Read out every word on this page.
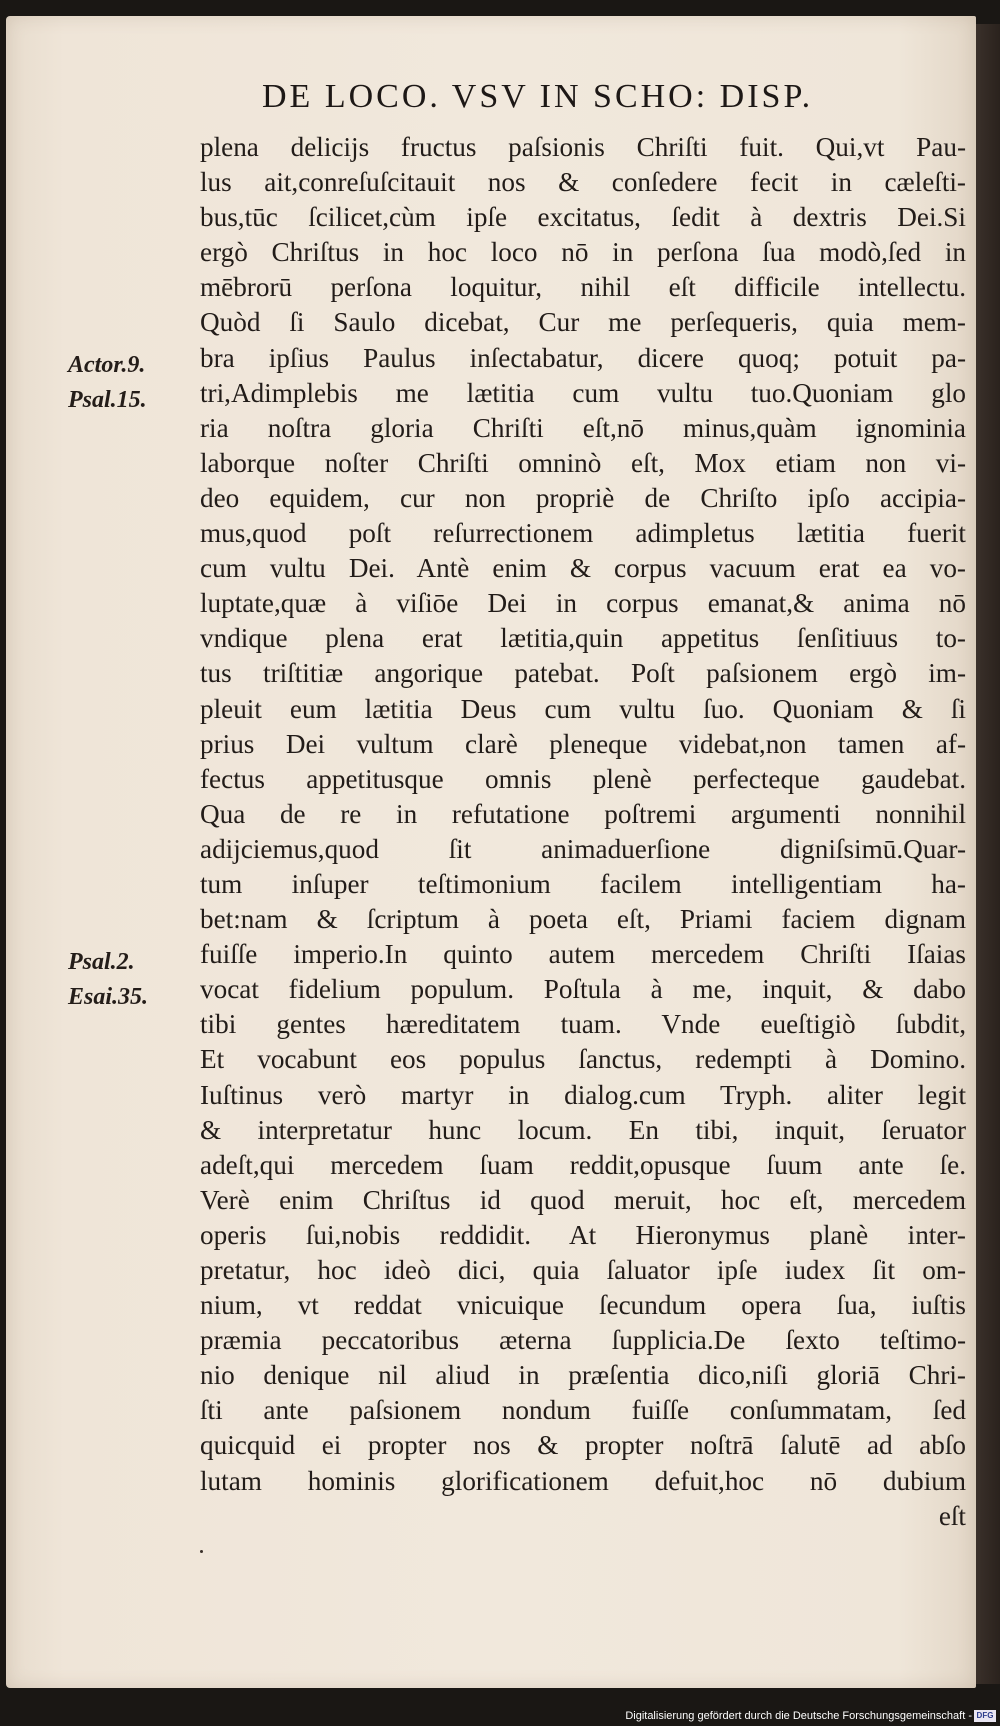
DE LOCO. VSV IN SCHO: DISP.
Actor.9.
Psal.15.
Psal.2.
Esai.35.
plena delicijs fructus paſsionis Chriſti fuit. Qui,vt Pau-
lus ait,conreſuſcitauit nos & conſedere fecit in cæleſti-
bus,tūc ſcilicet,cùm ipſe excitatus, ſedit à dextris Dei.Si
ergò Chriſtus in hoc loco nō in perſona ſua modò,ſed in
mēbrorū perſona loquitur, nihil eſt difficile intellectu.
Quòd ſi Saulo dicebat, Cur me perſequeris, quia mem-
bra ipſius Paulus inſectabatur, dicere quoq; potuit pa-
tri,Adimplebis me lætitia cum vultu tuo.Quoniam glo
ria noſtra gloria Chriſti eſt,nō minus,quàm ignominia
laborque noſter Chriſti omninò eſt, Mox etiam non vi-
deo equidem, cur non propriè de Chriſto ipſo accipia-
mus,quod poſt reſurrectionem adimpletus lætitia fuerit
cum vultu Dei. Antè enim & corpus vacuum erat ea vo-
luptate,quæ à viſiōe Dei in corpus emanat,& anima nō
vndique plena erat lætitia,quin appetitus ſenſitiuus to-
tus triſtitiæ angorique patebat. Poſt paſsionem ergò im-
pleuit eum lætitia Deus cum vultu ſuo. Quoniam & ſi
prius Dei vultum clarè pleneque videbat,non tamen af-
fectus appetitusque omnis plenè perfecteque gaudebat.
Qua de re in refutatione poſtremi argumenti nonnihil
adijciemus,quod ſit animaduerſione digniſsimū.Quar-
tum inſuper teſtimonium facilem intelligentiam ha-
bet:nam & ſcriptum à poeta eſt, Priami faciem dignam
fuiſſe imperio.In quinto autem mercedem Chriſti Iſaias
vocat fidelium populum. Poſtula à me, inquit, & dabo
tibi gentes hæreditatem tuam. Vnde eueſtigiò ſubdit,
Et vocabunt eos populus ſanctus, redempti à Domino.
Iuſtinus verò martyr in dialog.cum Tryph. aliter legit
& interpretatur hunc locum. En tibi, inquit, ſeruator
adeſt,qui mercedem ſuam reddit,opusque ſuum ante ſe.
Verè enim Chriſtus id quod meruit, hoc eſt, mercedem
operis ſui,nobis reddidit. At Hieronymus planè inter-
pretatur, hoc ideò dici, quia ſaluator ipſe iudex ſit om-
nium, vt reddat vnicuique ſecundum opera ſua, iuſtis
præmia peccatoribus æterna ſupplicia.De ſexto teſtimo-
nio denique nil aliud in præſentia dico,niſi gloriā Chri-
ſti ante paſsionem nondum fuiſſe conſummatam, ſed
quicquid ei propter nos & propter noſtrā ſalutē ad abſo
lutam hominis glorificationem defuit,hoc nō dubium
eſt
Digitalisierung gefördert durch die Deutsche Forschungsgemeinschaft - DFG
